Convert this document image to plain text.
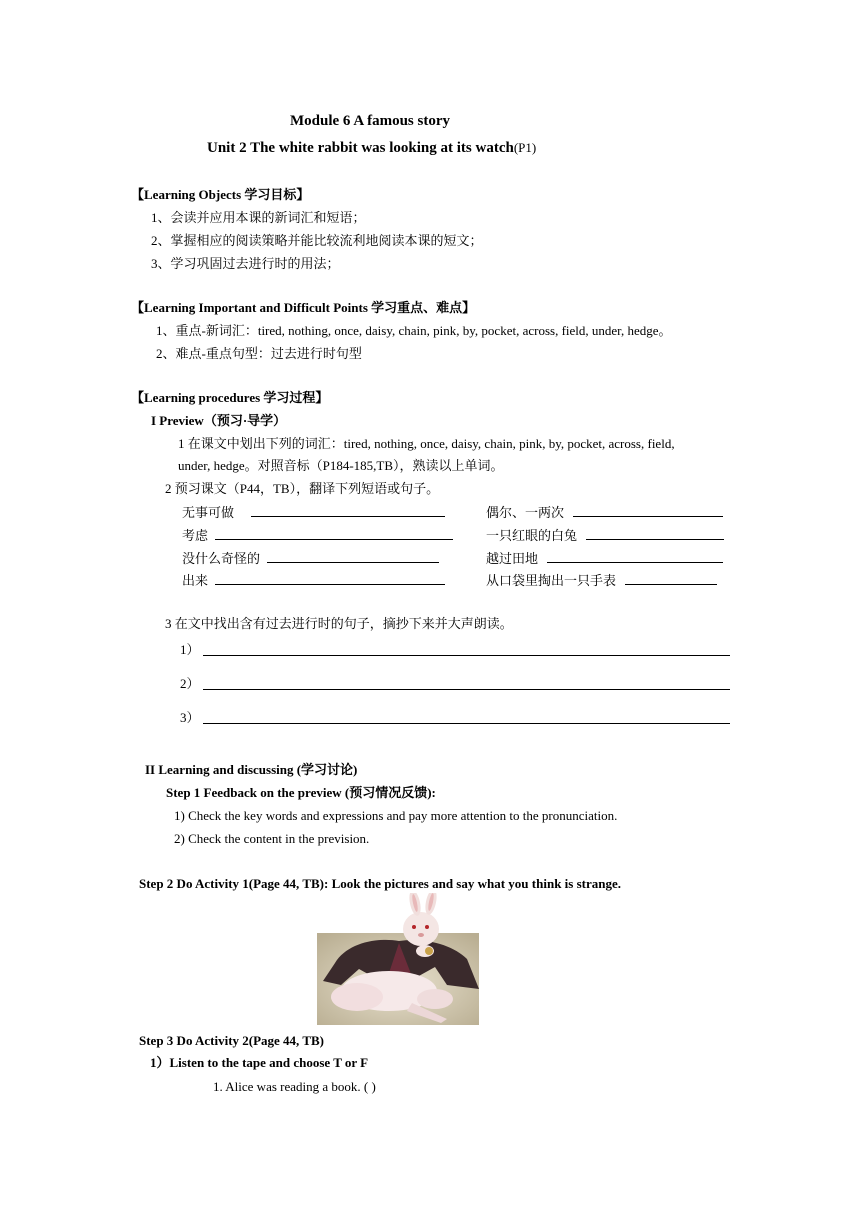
Module 6 A famous story
Unit 2 The white rabbit was looking at its watch(P1)
【Learning Objects 学习目标】
1、会读并应用本课的新词汇和短语；
2、掌握相应的阅读策略并能比较流利地阅读本课的短文；
3、学习巩固过去进行时的用法；
【Learning Important and Difficult Points 学习重点、难点】
1、重点-新词汇：tired, nothing, once, daisy, chain, pink, by, pocket, across, field, under, hedge。
2、难点-重点句型：过去进行时句型
【Learning procedures 学习过程】
I Preview（预习·导学）
1 在课文中划出下列的词汇：tired, nothing, once, daisy, chain, pink, by, pocket, across, field,
under, hedge。对照音标（P184-185,TB），熟读以上单词。
2 预习课文（P44，TB），翻译下列短语或句子。
无事可做	偶尔、一两次
考虑	一只红眼的白兔
没什么奇怪的	越过田地
出来	从口袋里掏出一只手表
3 在文中找出含有过去进行时的句子，摘抄下来并大声朗读。
1）
2）
3）
II Learning and discussing (学习讨论)
Step 1 Feedback on the preview (预习情况反馈):
1) Check the key words and expressions and pay more attention to the pronunciation.
2) Check the content in the prevision.
Step 2 Do Activity 1(Page 44, TB): Look the pictures and say what you think is strange.
Step 3 Do Activity 2(Page 44, TB)
1）Listen to the tape and choose T or F
1. Alice was reading a book. ( )
